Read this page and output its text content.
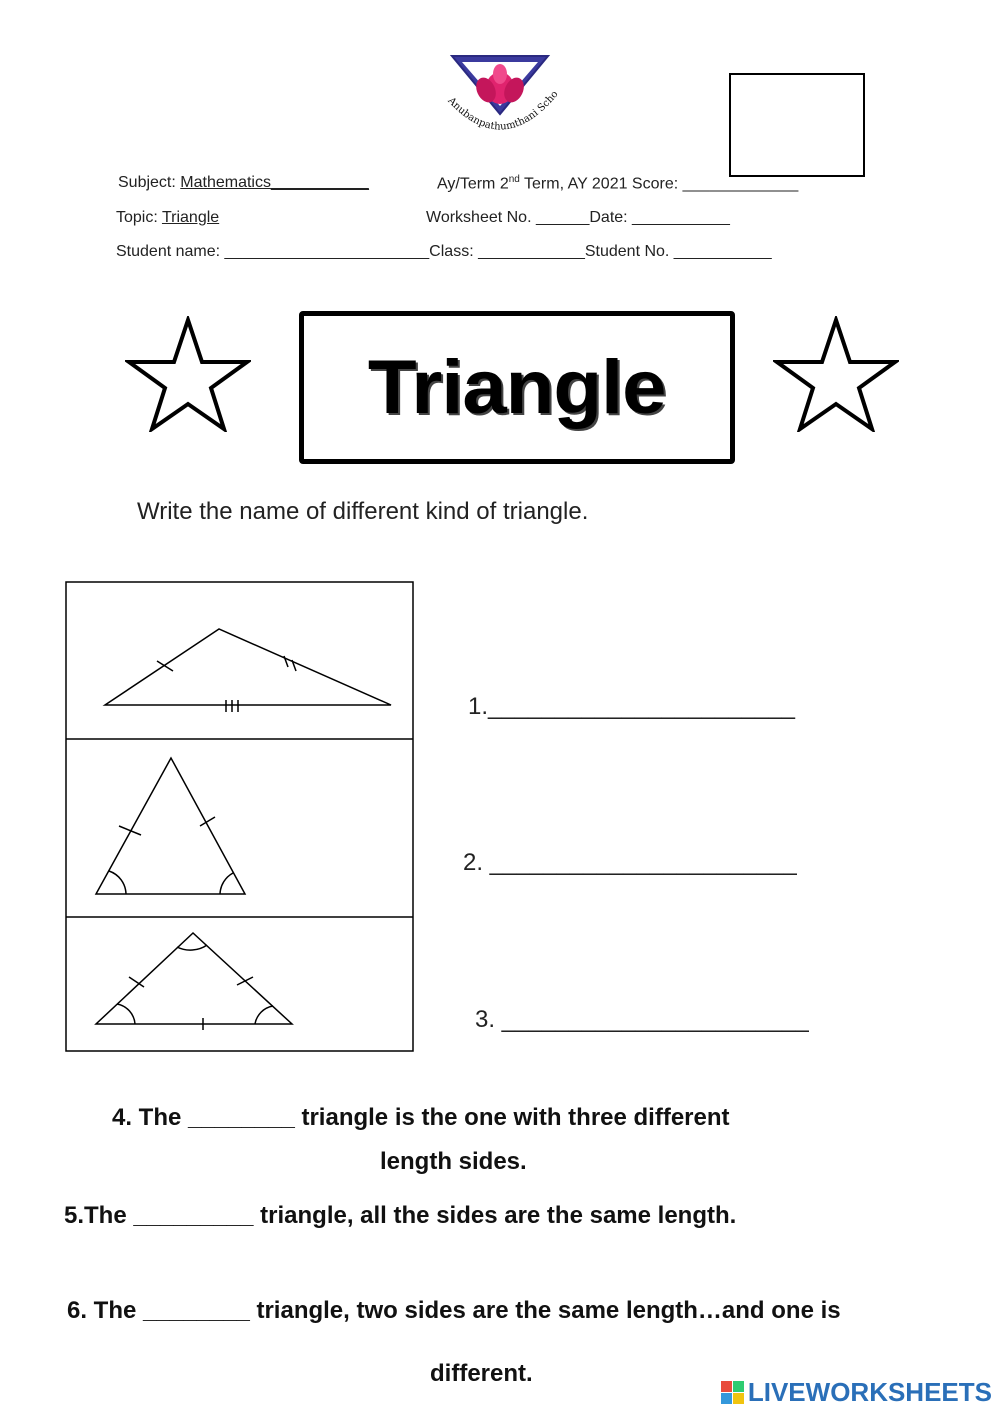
Anubanpathumthani Scho
Subject: Mathematics___________	Ay/Term 2nd Term, AY 2021 Score: _____________
Topic: Triangle	Worksheet No. ______Date: ___________
Student name: _______________________Class: ____________Student No. ___________
Triangle
Write the name of different kind of triangle.
1._______________________
2. _______________________
3. _______________________
4. The ________ triangle is the one with three different
length sides.
5.The _________ triangle, all the sides are the same length.
6. The ________ triangle, two sides are the same length…and one is
different.
LIVEWORKSHEETS
